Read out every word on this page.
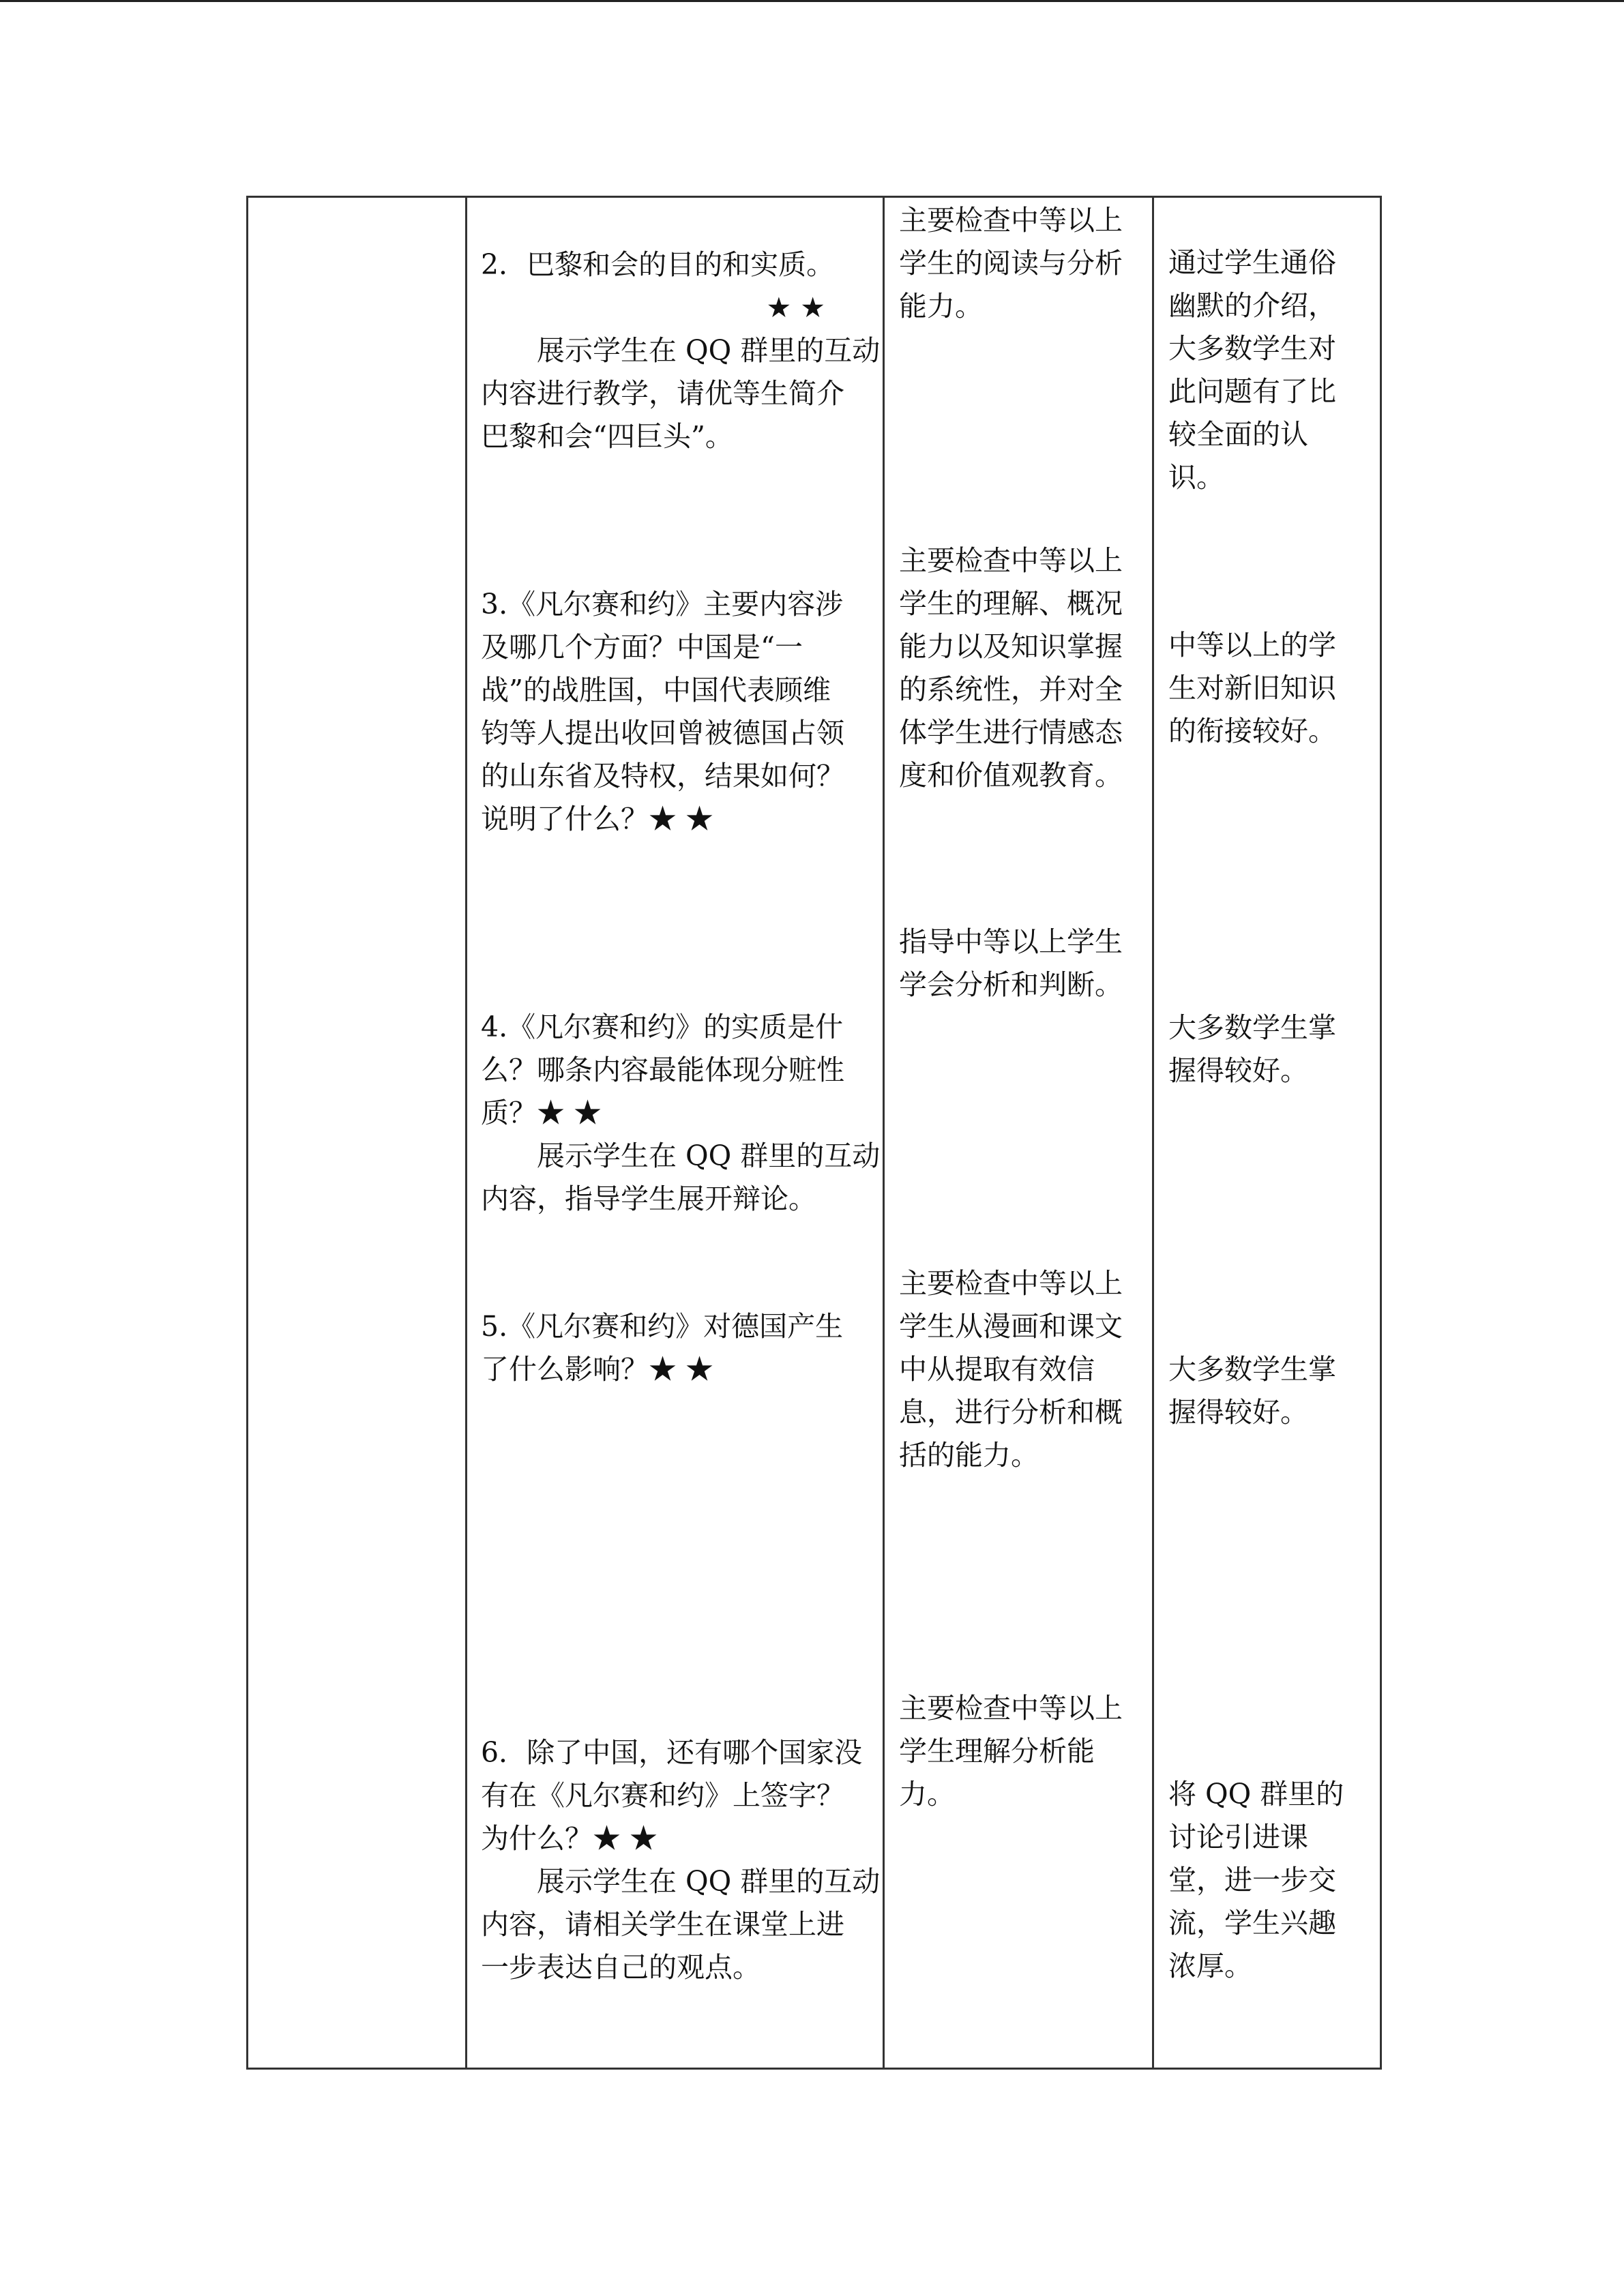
2．巴黎和会的目的和实质。
★ ★
　　展示学生在 QQ 群里的互动
内容进行教学，请优等生简介
巴黎和会“四巨头”。
3.《凡尔赛和约》主要内容涉
及哪几个方面？中国是“一
战”的战胜国，中国代表顾维
钧等人提出收回曾被德国占领
的山东省及特权，结果如何？
说明了什么？★ ★
4.《凡尔赛和约》的实质是什
么？哪条内容最能体现分赃性
质？★ ★
　　展示学生在 QQ 群里的互动
内容，指导学生展开辩论。
5.《凡尔赛和约》对德国产生
了什么影响？★ ★
6．除了中国，还有哪个国家没
有在《凡尔赛和约》上签字？
为什么？★ ★
　　展示学生在 QQ 群里的互动
内容，请相关学生在课堂上进
一步表达自己的观点。
主要检查中等以上
学生的阅读与分析
能力。
主要检查中等以上
学生的理解、概况
能力以及知识掌握
的系统性，并对全
体学生进行情感态
度和价值观教育。
指导中等以上学生
学会分析和判断。
主要检查中等以上
学生从漫画和课文
中从提取有效信
息，进行分析和概
括的能力。
主要检查中等以上
学生理解分析能
力。
通过学生通俗
幽默的介绍，
大多数学生对
此问题有了比
较全面的认
识。
中等以上的学
生对新旧知识
的衔接较好。
大多数学生掌
握得较好。
大多数学生掌
握得较好。
将 QQ 群里的
讨论引进课
堂，进一步交
流，学生兴趣
浓厚。
